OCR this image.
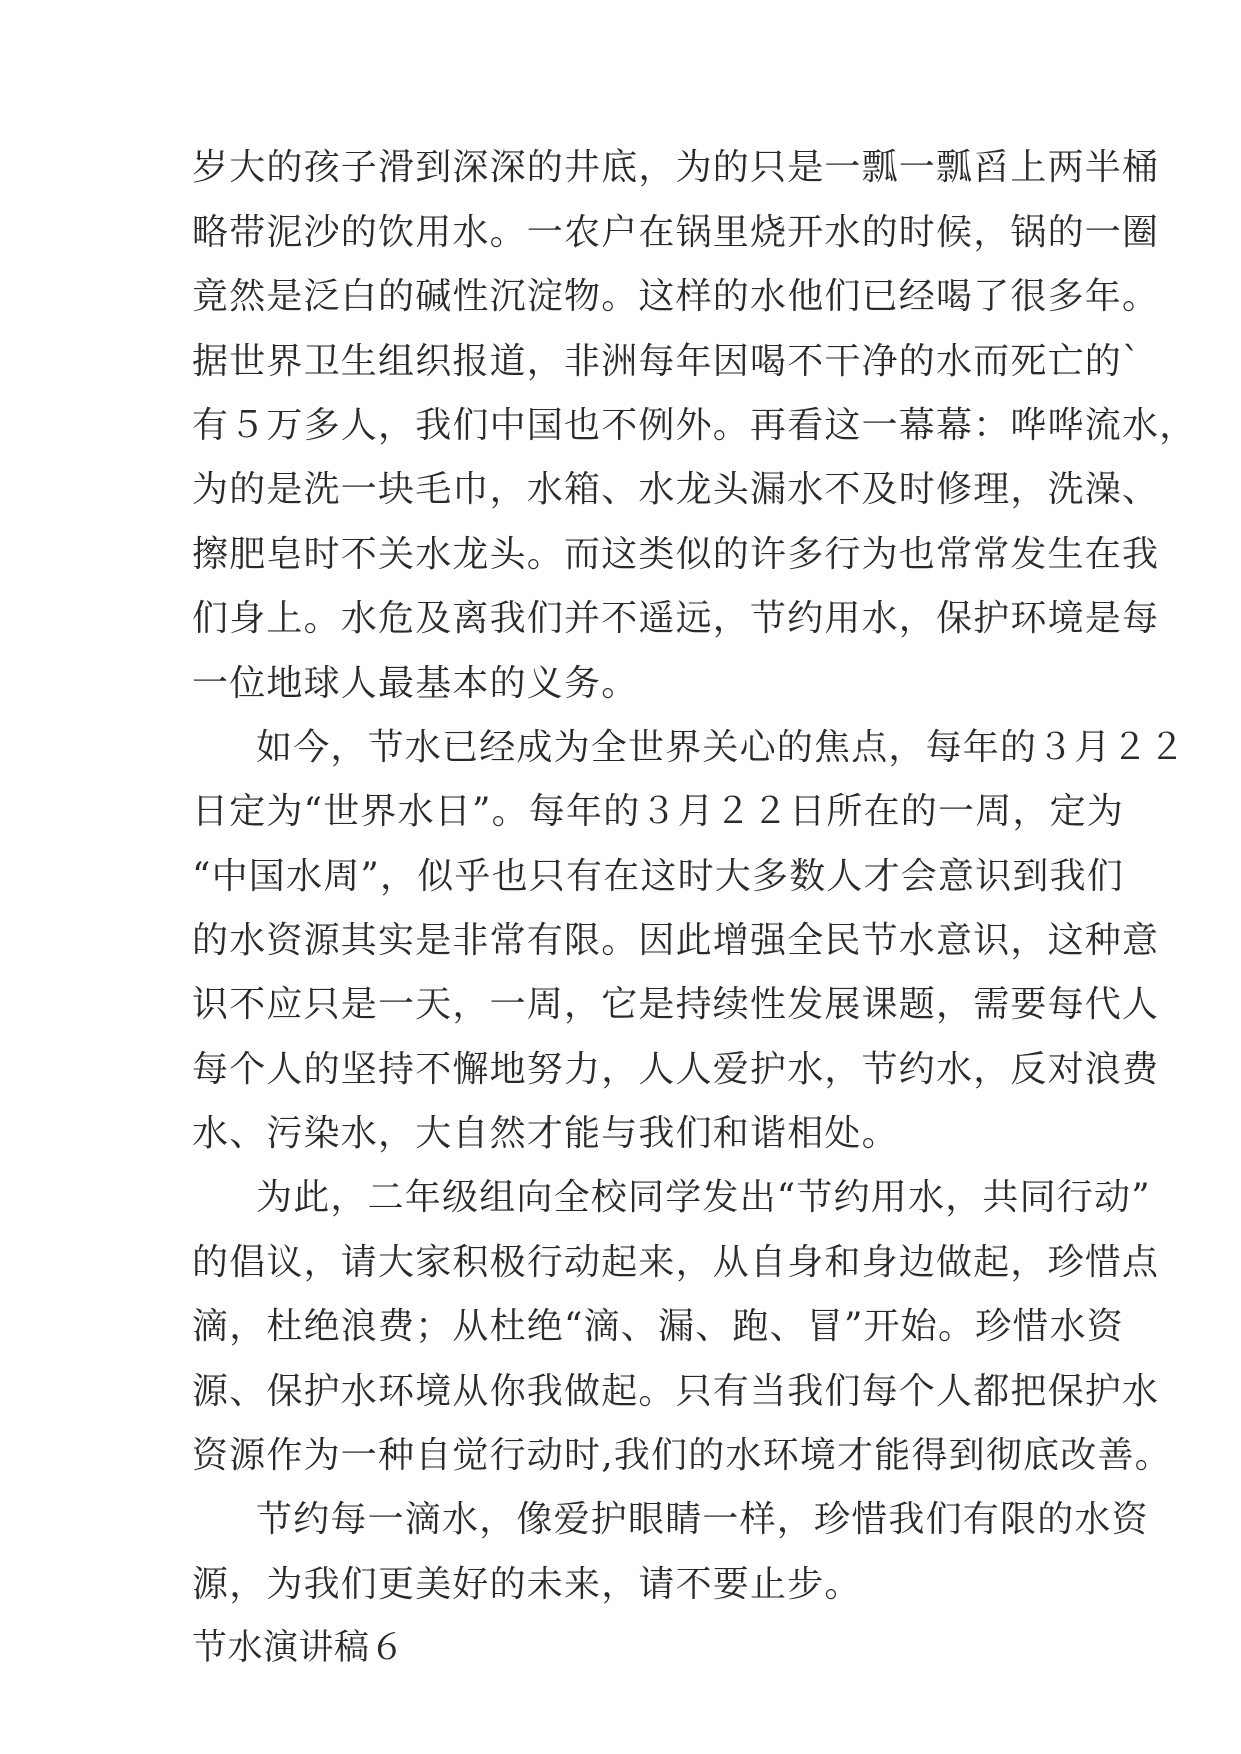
岁大的孩子滑到深深的井底，为的只是一瓢一瓢舀上两半桶
略带泥沙的饮用水。一农户在锅里烧开水的时候，锅的一圈
竟然是泛白的碱性沉淀物。这样的水他们已经喝了很多年。
据世界卫生组织报道，非洲每年因喝不干净的水而死亡的`
有５万多人，我们中国也不例外。再看这一幕幕：哗哗流水，
为的是洗一块毛巾，水箱、水龙头漏水不及时修理，洗澡、
擦肥皂时不关水龙头。而这类似的许多行为也常常发生在我
们身上。水危及离我们并不遥远，节约用水，保护环境是每
一位地球人最基本的义务。
如今，节水已经成为全世界关心的焦点，每年的３月２２
日定为“世界水日”。每年的３月２２日所在的一周，定为
“中国水周”，似乎也只有在这时大多数人才会意识到我们
的水资源其实是非常有限。因此增强全民节水意识，这种意
识不应只是一天，一周，它是持续性发展课题，需要每代人
每个人的坚持不懈地努力，人人爱护水，节约水，反对浪费
水、污染水，大自然才能与我们和谐相处。
为此，二年级组向全校同学发出“节约用水，共同行动”
的倡议，请大家积极行动起来，从自身和身边做起，珍惜点
滴，杜绝浪费；从杜绝“滴、漏、跑、冒”开始。珍惜水资
源、保护水环境从你我做起。只有当我们每个人都把保护水
资源作为一种自觉行动时,我们的水环境才能得到彻底改善。
节约每一滴水，像爱护眼睛一样，珍惜我们有限的水资
源，为我们更美好的未来，请不要止步。
节水演讲稿６
